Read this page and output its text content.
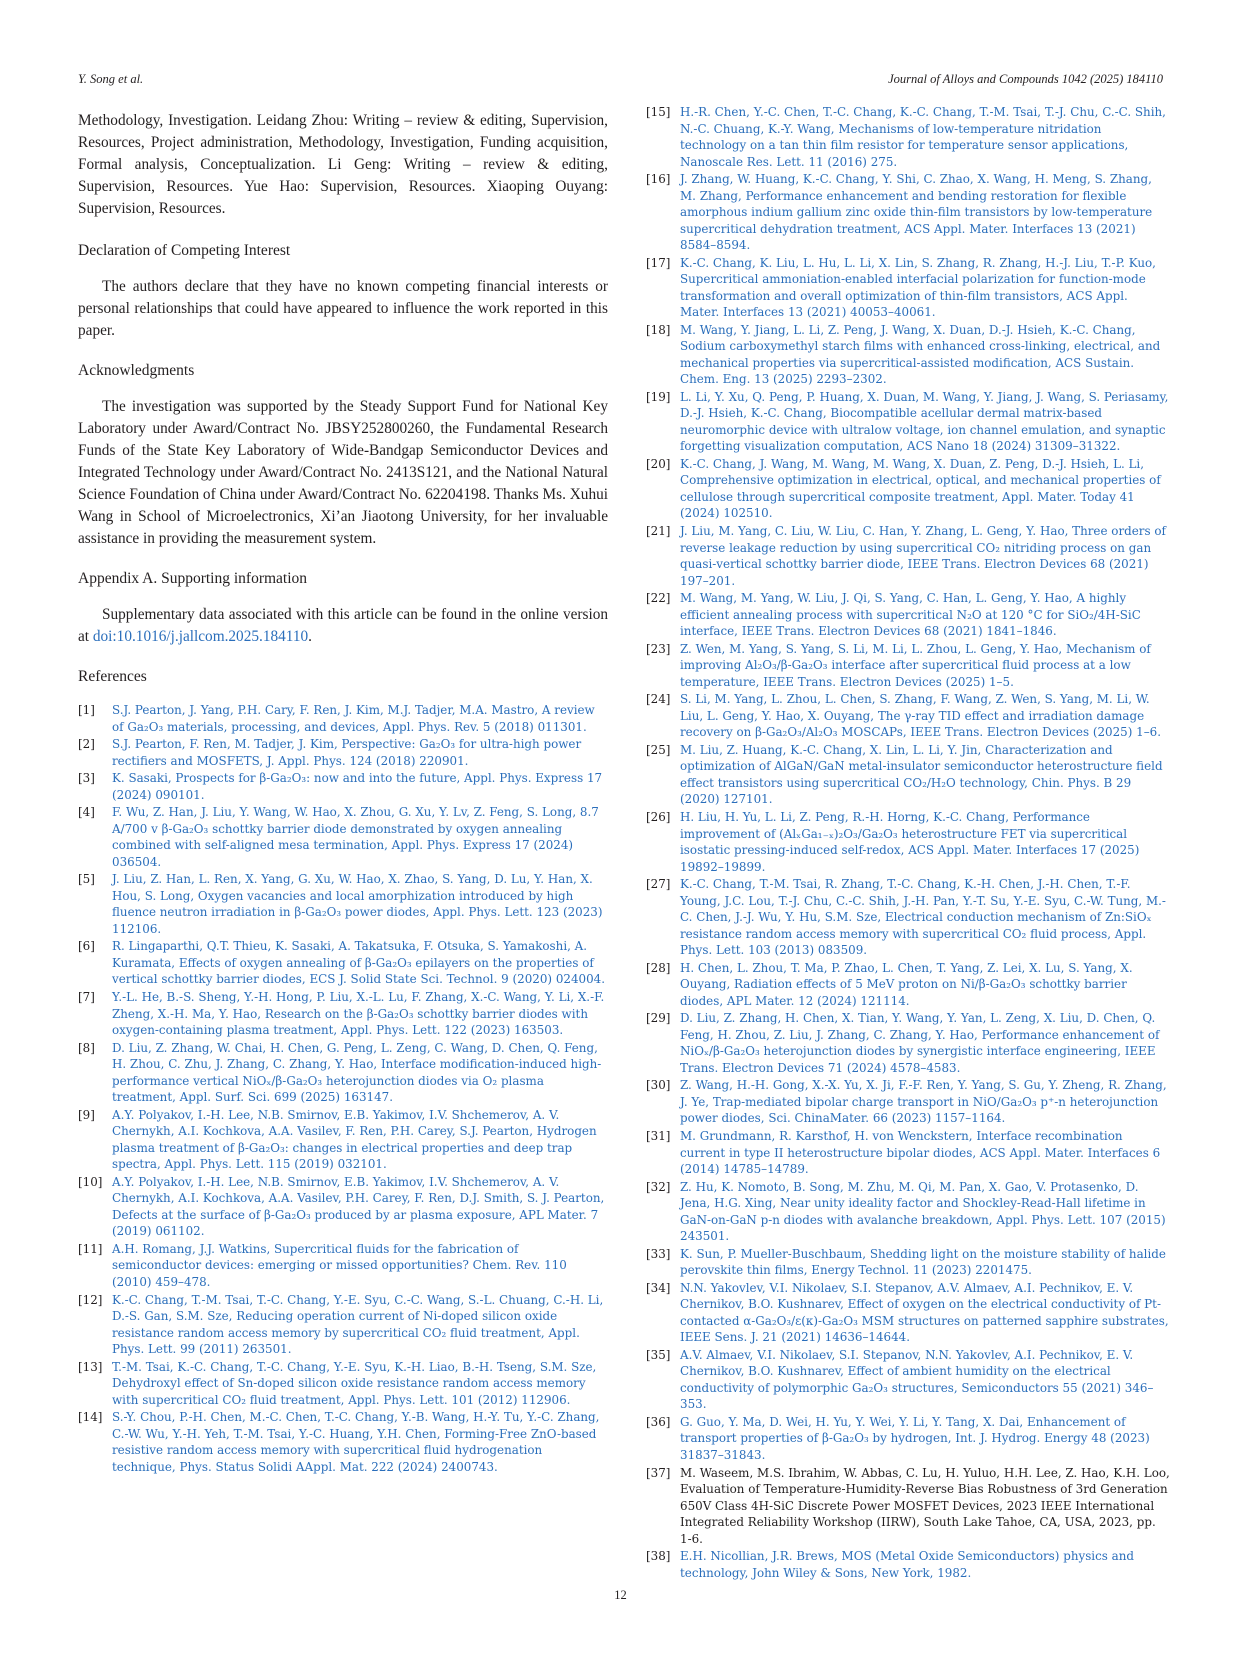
Y. Song et al.	Journal of Alloys and Compounds 1042 (2025) 184110

Methodology, Investigation. Leidang Zhou: Writing – review & editing, Supervision, Resources, Project administration, Methodology, Investigation, Funding acquisition, Formal analysis, Conceptualization. Li Geng: Writing – review & editing, Supervision, Resources. Yue Hao: Supervision, Resources. Xiaoping Ouyang: Supervision, Resources.

Declaration of Competing Interest

The authors declare that they have no known competing financial interests or personal relationships that could have appeared to influence the work reported in this paper.

Acknowledgments

The investigation was supported by the Steady Support Fund for National Key Laboratory under Award/Contract No. JBSY252800260, the Fundamental Research Funds of the State Key Laboratory of Wide-Bandgap Semiconductor Devices and Integrated Technology under Award/Contract No. 2413S121, and the National Natural Science Foundation of China under Award/Contract No. 62204198. Thanks Ms. Xuhui Wang in School of Microelectronics, Xi’an Jiaotong University, for her invaluable assistance in providing the measurement system.

Appendix A. Supporting information

Supplementary data associated with this article can be found in the online version at doi:10.1016/j.jallcom.2025.184110.

References
[1] S.J. Pearton, J. Yang, P.H. Cary, F. Ren, J. Kim, M.J. Tadjer, M.A. Mastro, A review of Ga₂O₃ materials, processing, and devices, Appl. Phys. Rev. 5 (2018) 011301.
[2] S.J. Pearton, F. Ren, M. Tadjer, J. Kim, Perspective: Ga₂O₃ for ultra-high power rectifiers and MOSFETS, J. Appl. Phys. 124 (2018) 220901.
[3] K. Sasaki, Prospects for β-Ga₂O₃: now and into the future, Appl. Phys. Express 17 (2024) 090101.
[4] F. Wu, Z. Han, J. Liu, Y. Wang, W. Hao, X. Zhou, G. Xu, Y. Lv, Z. Feng, S. Long, 8.7 A/700 v β-Ga₂O₃ schottky barrier diode demonstrated by oxygen annealing combined with self-aligned mesa termination, Appl. Phys. Express 17 (2024) 036504.
[5] J. Liu, Z. Han, L. Ren, X. Yang, G. Xu, W. Hao, X. Zhao, S. Yang, D. Lu, Y. Han, X. Hou, S. Long, Oxygen vacancies and local amorphization introduced by high fluence neutron irradiation in β-Ga₂O₃ power diodes, Appl. Phys. Lett. 123 (2023) 112106.
[6] R. Lingaparthi, Q.T. Thieu, K. Sasaki, A. Takatsuka, F. Otsuka, S. Yamakoshi, A. Kuramata, Effects of oxygen annealing of β-Ga₂O₃ epilayers on the properties of vertical schottky barrier diodes, ECS J. Solid State Sci. Technol. 9 (2020) 024004.
[7] Y.-L. He, B.-S. Sheng, Y.-H. Hong, P. Liu, X.-L. Lu, F. Zhang, X.-C. Wang, Y. Li, X.-F. Zheng, X.-H. Ma, Y. Hao, Research on the β-Ga₂O₃ schottky barrier diodes with oxygen-containing plasma treatment, Appl. Phys. Lett. 122 (2023) 163503.
[8] D. Liu, Z. Zhang, W. Chai, H. Chen, G. Peng, L. Zeng, C. Wang, D. Chen, Q. Feng, H. Zhou, C. Zhu, J. Zhang, C. Zhang, Y. Hao, Interface modification-induced high-performance vertical NiOₓ/β-Ga₂O₃ heterojunction diodes via O₂ plasma treatment, Appl. Surf. Sci. 699 (2025) 163147.
[9] A.Y. Polyakov, I.-H. Lee, N.B. Smirnov, E.B. Yakimov, I.V. Shchemerov, A. V. Chernykh, A.I. Kochkova, A.A. Vasilev, F. Ren, P.H. Carey, S.J. Pearton, Hydrogen plasma treatment of β-Ga₂O₃: changes in electrical properties and deep trap spectra, Appl. Phys. Lett. 115 (2019) 032101.
[10] A.Y. Polyakov, I.-H. Lee, N.B. Smirnov, E.B. Yakimov, I.V. Shchemerov, A. V. Chernykh, A.I. Kochkova, A.A. Vasilev, P.H. Carey, F. Ren, D.J. Smith, S. J. Pearton, Defects at the surface of β-Ga₂O₃ produced by ar plasma exposure, APL Mater. 7 (2019) 061102.
[11] A.H. Romang, J.J. Watkins, Supercritical fluids for the fabrication of semiconductor devices: emerging or missed opportunities? Chem. Rev. 110 (2010) 459–478.
[12] K.-C. Chang, T.-M. Tsai, T.-C. Chang, Y.-E. Syu, C.-C. Wang, S.-L. Chuang, C.-H. Li, D.-S. Gan, S.M. Sze, Reducing operation current of Ni-doped silicon oxide resistance random access memory by supercritical CO₂ fluid treatment, Appl. Phys. Lett. 99 (2011) 263501.
[13] T.-M. Tsai, K.-C. Chang, T.-C. Chang, Y.-E. Syu, K.-H. Liao, B.-H. Tseng, S.M. Sze, Dehydroxyl effect of Sn-doped silicon oxide resistance random access memory with supercritical CO₂ fluid treatment, Appl. Phys. Lett. 101 (2012) 112906.
[14] S.-Y. Chou, P.-H. Chen, M.-C. Chen, T.-C. Chang, Y.-B. Wang, H.-Y. Tu, Y.-C. Zhang, C.-W. Wu, Y.-H. Yeh, T.-M. Tsai, Y.-C. Huang, Y.H. Chen, Forming-Free ZnO-based resistive random access memory with supercritical fluid hydrogenation technique, Phys. Status Solidi AAppl. Mat. 222 (2024) 2400743.
[15] H.-R. Chen, Y.-C. Chen, T.-C. Chang, K.-C. Chang, T.-M. Tsai, T.-J. Chu, C.-C. Shih, N.-C. Chuang, K.-Y. Wang, Mechanisms of low-temperature nitridation technology on a tan thin film resistor for temperature sensor applications, Nanoscale Res. Lett. 11 (2016) 275.
[16] J. Zhang, W. Huang, K.-C. Chang, Y. Shi, C. Zhao, X. Wang, H. Meng, S. Zhang, M. Zhang, Performance enhancement and bending restoration for flexible amorphous indium gallium zinc oxide thin-film transistors by low-temperature supercritical dehydration treatment, ACS Appl. Mater. Interfaces 13 (2021) 8584–8594.
[17] K.-C. Chang, K. Liu, L. Hu, L. Li, X. Lin, S. Zhang, R. Zhang, H.-J. Liu, T.-P. Kuo, Supercritical ammoniation-enabled interfacial polarization for function-mode transformation and overall optimization of thin-film transistors, ACS Appl. Mater. Interfaces 13 (2021) 40053–40061.
[18] M. Wang, Y. Jiang, L. Li, Z. Peng, J. Wang, X. Duan, D.-J. Hsieh, K.-C. Chang, Sodium carboxymethyl starch films with enhanced cross-linking, electrical, and mechanical properties via supercritical-assisted modification, ACS Sustain. Chem. Eng. 13 (2025) 2293–2302.
[19] L. Li, Y. Xu, Q. Peng, P. Huang, X. Duan, M. Wang, Y. Jiang, J. Wang, S. Periasamy, D.-J. Hsieh, K.-C. Chang, Biocompatible acellular dermal matrix-based neuromorphic device with ultralow voltage, ion channel emulation, and synaptic forgetting visualization computation, ACS Nano 18 (2024) 31309–31322.
[20] K.-C. Chang, J. Wang, M. Wang, M. Wang, X. Duan, Z. Peng, D.-J. Hsieh, L. Li, Comprehensive optimization in electrical, optical, and mechanical properties of cellulose through supercritical composite treatment, Appl. Mater. Today 41 (2024) 102510.
[21] J. Liu, M. Yang, C. Liu, W. Liu, C. Han, Y. Zhang, L. Geng, Y. Hao, Three orders of reverse leakage reduction by using supercritical CO₂ nitriding process on gan quasi-vertical schottky barrier diode, IEEE Trans. Electron Devices 68 (2021) 197–201.
[22] M. Wang, M. Yang, W. Liu, J. Qi, S. Yang, C. Han, L. Geng, Y. Hao, A highly efficient annealing process with supercritical N₂O at 120 °C for SiO₂/4H-SiC interface, IEEE Trans. Electron Devices 68 (2021) 1841–1846.
[23] Z. Wen, M. Yang, S. Yang, S. Li, M. Li, L. Zhou, L. Geng, Y. Hao, Mechanism of improving Al₂O₃/β-Ga₂O₃ interface after supercritical fluid process at a low temperature, IEEE Trans. Electron Devices (2025) 1–5.
[24] S. Li, M. Yang, L. Zhou, L. Chen, S. Zhang, F. Wang, Z. Wen, S. Yang, M. Li, W. Liu, L. Geng, Y. Hao, X. Ouyang, The γ-ray TID effect and irradiation damage recovery on β-Ga₂O₃/Al₂O₃ MOSCAPs, IEEE Trans. Electron Devices (2025) 1–6.
[25] M. Liu, Z. Huang, K.-C. Chang, X. Lin, L. Li, Y. Jin, Characterization and optimization of AlGaN/GaN metal-insulator semiconductor heterostructure field effect transistors using supercritical CO₂/H₂O technology, Chin. Phys. B 29 (2020) 127101.
[26] H. Liu, H. Yu, L. Li, Z. Peng, R.-H. Horng, K.-C. Chang, Performance improvement of (AlₓGa₁₋ₓ)₂O₃/Ga₂O₃ heterostructure FET via supercritical isostatic pressing-induced self-redox, ACS Appl. Mater. Interfaces 17 (2025) 19892–19899.
[27] K.-C. Chang, T.-M. Tsai, R. Zhang, T.-C. Chang, K.-H. Chen, J.-H. Chen, T.-F. Young, J.C. Lou, T.-J. Chu, C.-C. Shih, J.-H. Pan, Y.-T. Su, Y.-E. Syu, C.-W. Tung, M.-C. Chen, J.-J. Wu, Y. Hu, S.M. Sze, Electrical conduction mechanism of Zn:SiOₓ resistance random access memory with supercritical CO₂ fluid process, Appl. Phys. Lett. 103 (2013) 083509.
[28] H. Chen, L. Zhou, T. Ma, P. Zhao, L. Chen, T. Yang, Z. Lei, X. Lu, S. Yang, X. Ouyang, Radiation effects of 5 MeV proton on Ni/β-Ga₂O₃ schottky barrier diodes, APL Mater. 12 (2024) 121114.
[29] D. Liu, Z. Zhang, H. Chen, X. Tian, Y. Wang, Y. Yan, L. Zeng, X. Liu, D. Chen, Q. Feng, H. Zhou, Z. Liu, J. Zhang, C. Zhang, Y. Hao, Performance enhancement of NiOₓ/β-Ga₂O₃ heterojunction diodes by synergistic interface engineering, IEEE Trans. Electron Devices 71 (2024) 4578–4583.
[30] Z. Wang, H.-H. Gong, X.-X. Yu, X. Ji, F.-F. Ren, Y. Yang, S. Gu, Y. Zheng, R. Zhang, J. Ye, Trap-mediated bipolar charge transport in NiO/Ga₂O₃ p⁺-n heterojunction power diodes, Sci. ChinaMater. 66 (2023) 1157–1164.
[31] M. Grundmann, R. Karsthof, H. von Wenckstern, Interface recombination current in type II heterostructure bipolar diodes, ACS Appl. Mater. Interfaces 6 (2014) 14785–14789.
[32] Z. Hu, K. Nomoto, B. Song, M. Zhu, M. Qi, M. Pan, X. Gao, V. Protasenko, D. Jena, H.G. Xing, Near unity ideality factor and Shockley-Read-Hall lifetime in GaN-on-GaN p-n diodes with avalanche breakdown, Appl. Phys. Lett. 107 (2015) 243501.
[33] K. Sun, P. Mueller-Buschbaum, Shedding light on the moisture stability of halide perovskite thin films, Energy Technol. 11 (2023) 2201475.
[34] N.N. Yakovlev, V.I. Nikolaev, S.I. Stepanov, A.V. Almaev, A.I. Pechnikov, E. V. Chernikov, B.O. Kushnarev, Effect of oxygen on the electrical conductivity of Pt-contacted α-Ga₂O₃/ε(κ)-Ga₂O₃ MSM structures on patterned sapphire substrates, IEEE Sens. J. 21 (2021) 14636–14644.
[35] A.V. Almaev, V.I. Nikolaev, S.I. Stepanov, N.N. Yakovlev, A.I. Pechnikov, E. V. Chernikov, B.O. Kushnarev, Effect of ambient humidity on the electrical conductivity of polymorphic Ga₂O₃ structures, Semiconductors 55 (2021) 346–353.
[36] G. Guo, Y. Ma, D. Wei, H. Yu, Y. Wei, Y. Li, Y. Tang, X. Dai, Enhancement of transport properties of β-Ga₂O₃ by hydrogen, Int. J. Hydrog. Energy 48 (2023) 31837–31843.
[37] M. Waseem, M.S. Ibrahim, W. Abbas, C. Lu, H. Yuluo, H.H. Lee, Z. Hao, K.H. Loo, Evaluation of Temperature-Humidity-Reverse Bias Robustness of 3rd Generation 650V Class 4H-SiC Discrete Power MOSFET Devices, 2023 IEEE International Integrated Reliability Workshop (IIRW), South Lake Tahoe, CA, USA, 2023, pp. 1-6.
[38] E.H. Nicollian, J.R. Brews, MOS (Metal Oxide Semiconductors) physics and technology, John Wiley & Sons, New York, 1982.
12
